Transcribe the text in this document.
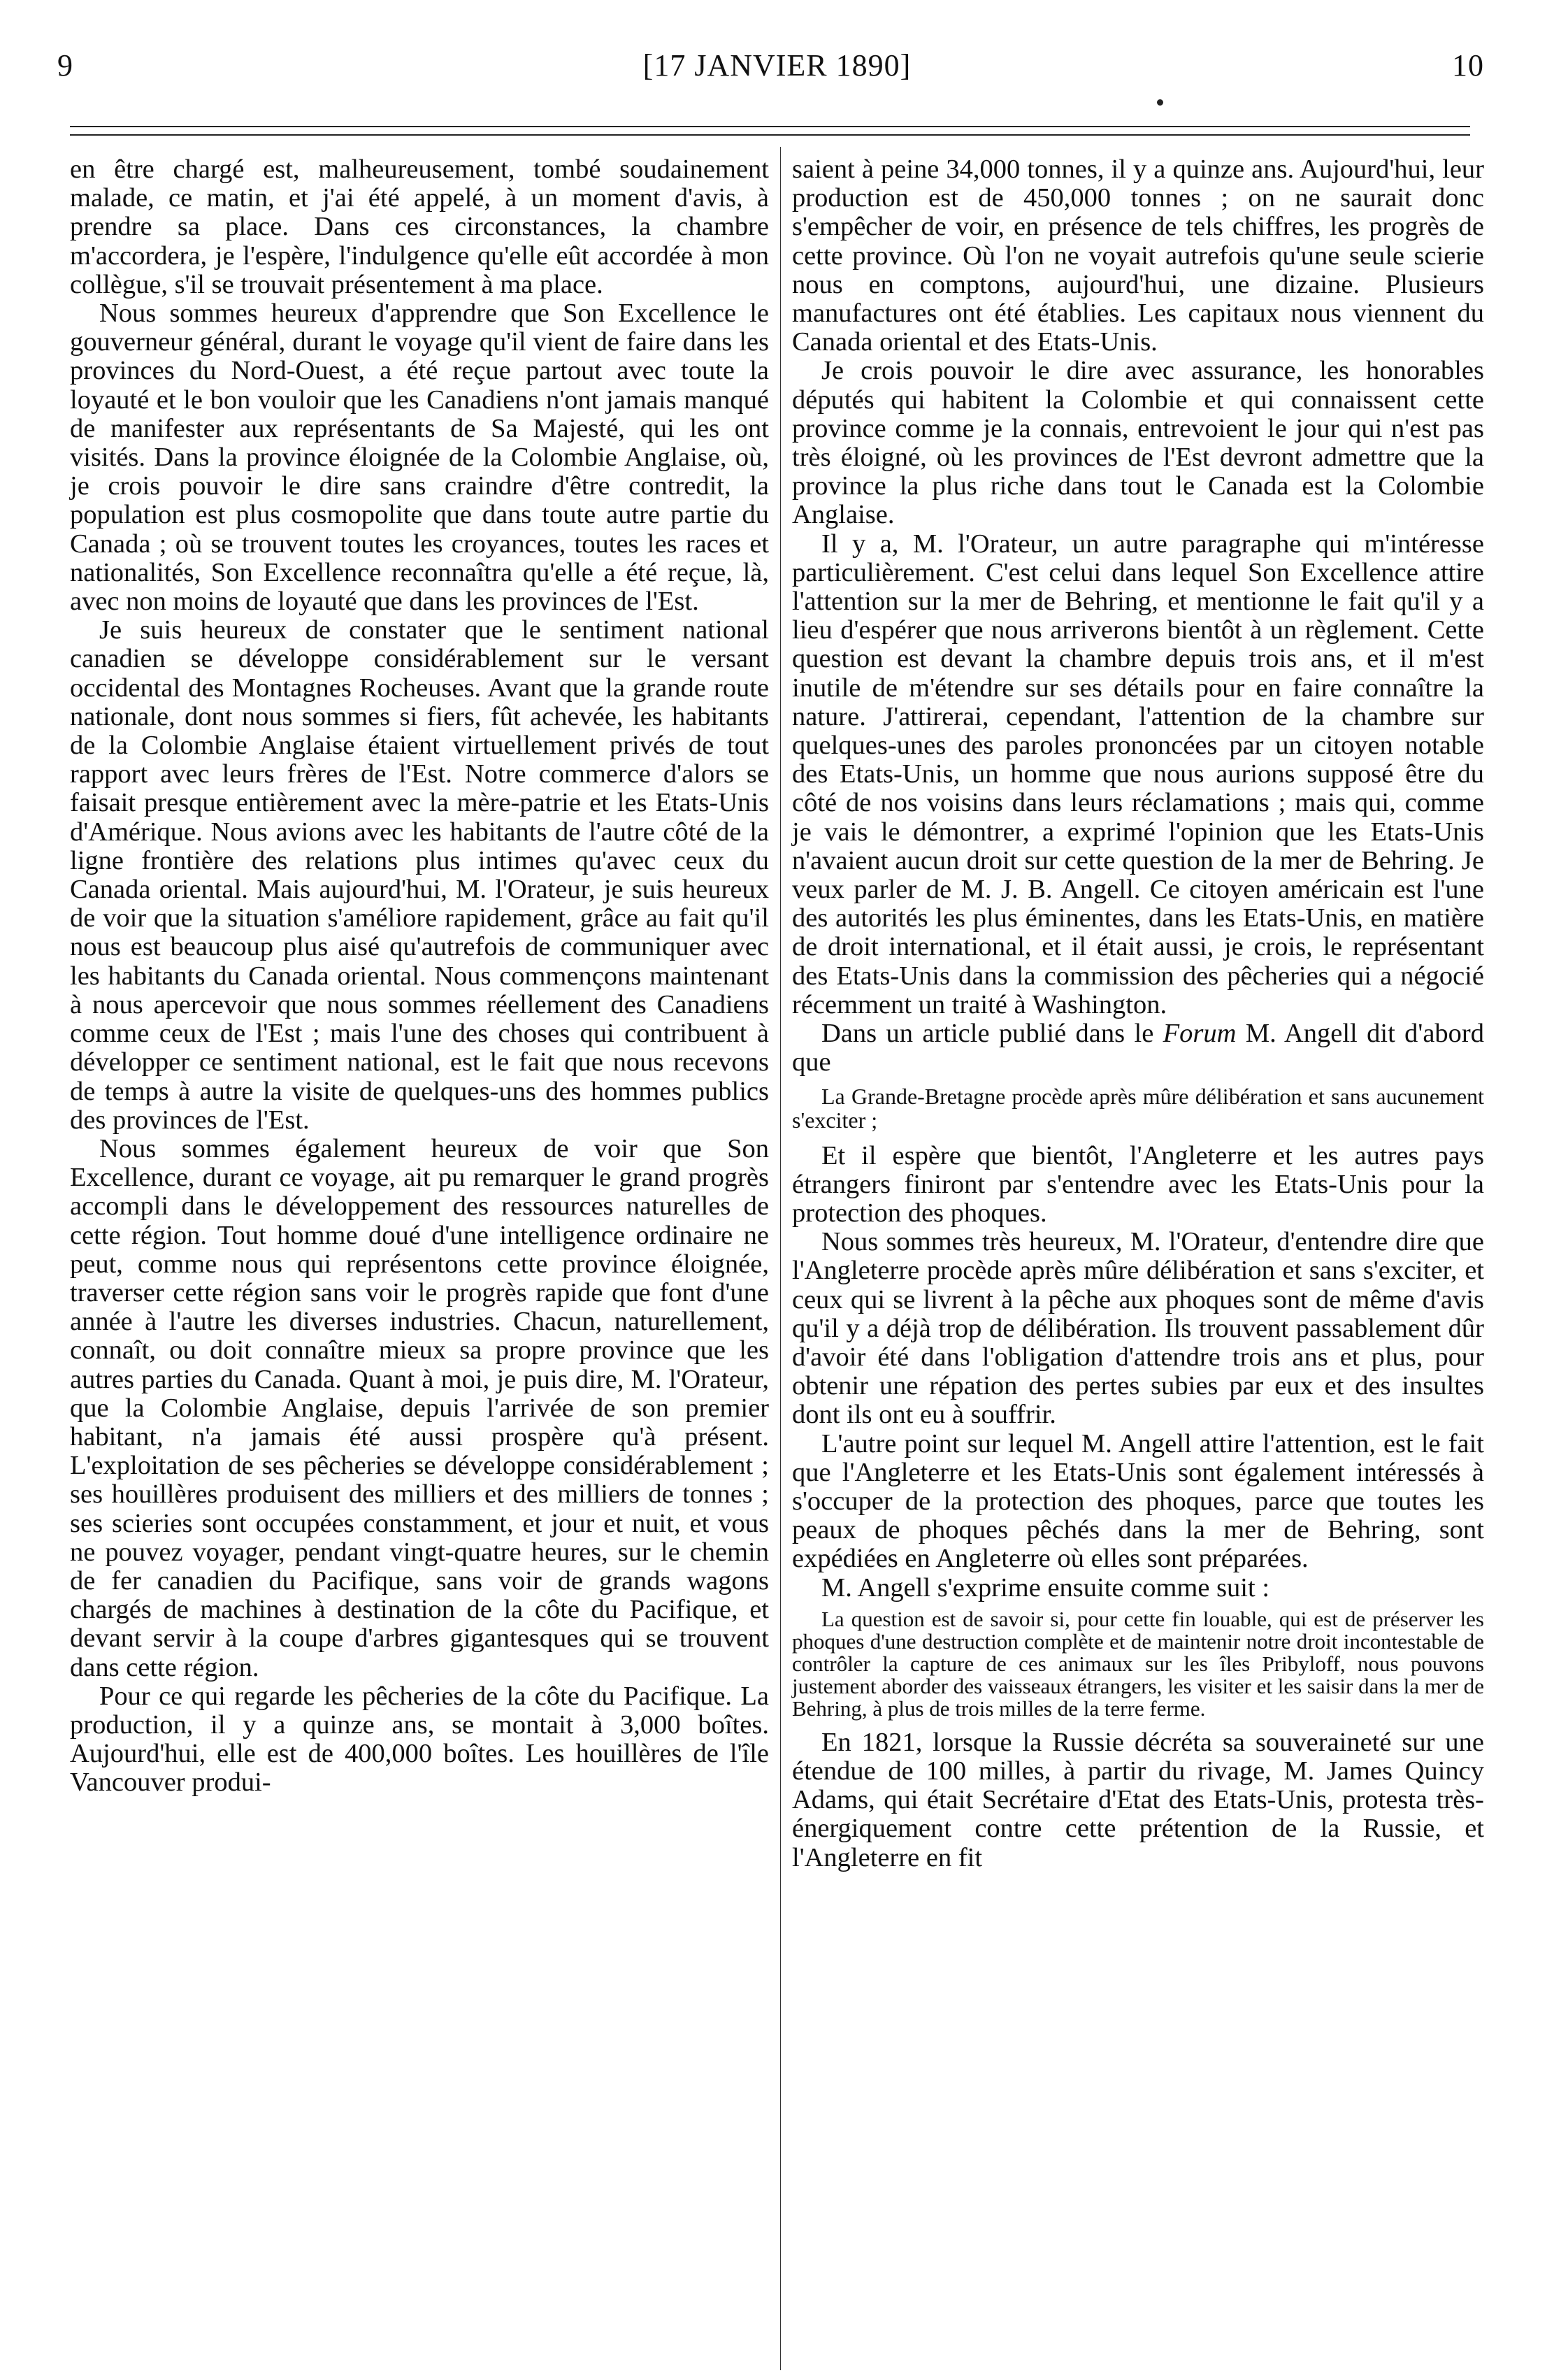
9	[17 JANVIER 1890]	10

en être chargé est, malheureusement, tombé soudainement malade, ce matin, et j'ai été appelé, à un moment d'avis, à prendre sa place. Dans ces circonstances, la chambre m'accordera, je l'espère, l'indulgence qu'elle eût accordée à mon collègue, s'il se trouvait présentement à ma place.

Nous sommes heureux d'apprendre que Son Excellence le gouverneur général, durant le voyage qu'il vient de faire dans les provinces du Nord-Ouest, a été reçue partout avec toute la loyauté et le bon vouloir que les Canadiens n'ont jamais manqué de manifester aux représentants de Sa Majesté, qui les ont visités. Dans la province éloignée de la Colombie Anglaise, où, je crois pouvoir le dire sans craindre d'être contredit, la population est plus cosmopolite que dans toute autre partie du Canada ; où se trouvent toutes les croyances, toutes les races et nationalités, Son Excellence reconnaîtra qu'elle a été reçue, là, avec non moins de loyauté que dans les provinces de l'Est.

Je suis heureux de constater que le sentiment national canadien se développe considérablement sur le versant occidental des Montagnes Rocheuses. Avant que la grande route nationale, dont nous sommes si fiers, fût achevée, les habitants de la Colombie Anglaise étaient virtuellement privés de tout rapport avec leurs frères de l'Est. Notre commerce d'alors se faisait presque entièrement avec la mère-patrie et les Etats-Unis d'Amérique. Nous avions avec les habitants de l'autre côté de la ligne frontière des relations plus intimes qu'avec ceux du Canada oriental. Mais aujourd'hui, M. l'Orateur, je suis heureux de voir que la situation s'améliore rapidement, grâce au fait qu'il nous est beaucoup plus aisé qu'autrefois de communiquer avec les habitants du Canada oriental. Nous commençons maintenant à nous apercevoir que nous sommes réellement des Canadiens comme ceux de l'Est ; mais l'une des choses qui contribuent à développer ce sentiment national, est le fait que nous recevons de temps à autre la visite de quelques-uns des hommes publics des provinces de l'Est.

Nous sommes également heureux de voir que Son Excellence, durant ce voyage, ait pu remarquer le grand progrès accompli dans le développement des ressources naturelles de cette région. Tout homme doué d'une intelligence ordinaire ne peut, comme nous qui représentons cette province éloignée, traverser cette région sans voir le progrès rapide que font d'une année à l'autre les diverses industries. Chacun, naturellement, connaît, ou doit connaître mieux sa propre province que les autres parties du Canada. Quant à moi, je puis dire, M. l'Orateur, que la Colombie Anglaise, depuis l'arrivée de son premier habitant, n'a jamais été aussi prospère qu'à présent. L'exploitation de ses pêcheries se développe considérablement ; ses houillères produisent des milliers et des milliers de tonnes ; ses scieries sont occupées constamment, et jour et nuit, et vous ne pouvez voyager, pendant vingt-quatre heures, sur le chemin de fer canadien du Pacifique, sans voir de grands wagons chargés de machines à destination de la côte du Pacifique, et devant servir à la coupe d'arbres gigantesques qui se trouvent dans cette région.

Pour ce qui regarde les pêcheries de la côte du Pacifique. La production, il y a quinze ans, se montait à 3,000 boîtes. Aujourd'hui, elle est de 400,000 boîtes. Les houillères de l'île Vancouver produi-

saient à peine 34,000 tonnes, il y a quinze ans. Aujourd'hui, leur production est de 450,000 tonnes ; on ne saurait donc s'empêcher de voir, en présence de tels chiffres, les progrès de cette province. Où l'on ne voyait autrefois qu'une seule scierie nous en comptons, aujourd'hui, une dizaine. Plusieurs manufactures ont été établies. Les capitaux nous viennent du Canada oriental et des Etats-Unis.

Je crois pouvoir le dire avec assurance, les honorables députés qui habitent la Colombie et qui connaissent cette province comme je la connais, entrevoient le jour qui n'est pas très éloigné, où les provinces de l'Est devront admettre que la province la plus riche dans tout le Canada est la Colombie Anglaise.

Il y a, M. l'Orateur, un autre paragraphe qui m'intéresse particulièrement. C'est celui dans lequel Son Excellence attire l'attention sur la mer de Behring, et mentionne le fait qu'il y a lieu d'espérer que nous arriverons bientôt à un règlement. Cette question est devant la chambre depuis trois ans, et il m'est inutile de m'étendre sur ses détails pour en faire connaître la nature. J'attirerai, cependant, l'attention de la chambre sur quelques-unes des paroles prononcées par un citoyen notable des Etats-Unis, un homme que nous aurions supposé être du côté de nos voisins dans leurs réclamations ; mais qui, comme je vais le démontrer, a exprimé l'opinion que les Etats-Unis n'avaient aucun droit sur cette question de la mer de Behring. Je veux parler de M. J. B. Angell. Ce citoyen américain est l'une des autorités les plus éminentes, dans les Etats-Unis, en matière de droit international, et il était aussi, je crois, le représentant des Etats-Unis dans la commission des pêcheries qui a négocié récemment un traité à Washington.

Dans un article publié dans le Forum M. Angell dit d'abord que

La Grande-Bretagne procède après mûre délibération et sans aucunement s'exciter ;

Et il espère que bientôt, l'Angleterre et les autres pays étrangers finiront par s'entendre avec les Etats-Unis pour la protection des phoques.

Nous sommes très heureux, M. l'Orateur, d'entendre dire que l'Angleterre procède après mûre délibération et sans s'exciter, et ceux qui se livrent à la pêche aux phoques sont de même d'avis qu'il y a déjà trop de délibération. Ils trouvent passablement dûr d'avoir été dans l'obligation d'attendre trois ans et plus, pour obtenir une répation des pertes subies par eux et des insultes dont ils ont eu à souffrir.

L'autre point sur lequel M. Angell attire l'attention, est le fait que l'Angleterre et les Etats-Unis sont également intéressés à s'occuper de la protection des phoques, parce que toutes les peaux de phoques pêchés dans la mer de Behring, sont expédiées en Angleterre où elles sont préparées.

M. Angell s'exprime ensuite comme suit :

La question est de savoir si, pour cette fin louable, qui est de préserver les phoques d'une destruction complète et de maintenir notre droit incontestable de contrôler la capture de ces animaux sur les îles Pribyloff, nous pouvons justement aborder des vaisseaux étrangers, les visiter et les saisir dans la mer de Behring, à plus de trois milles de la terre ferme.

En 1821, lorsque la Russie décréta sa souveraineté sur une étendue de 100 milles, à partir du rivage, M. James Quincy Adams, qui était Secrétaire d'Etat des Etats-Unis, protesta très-énergiquement contre cette prétention de la Russie, et l'Angleterre en fit
